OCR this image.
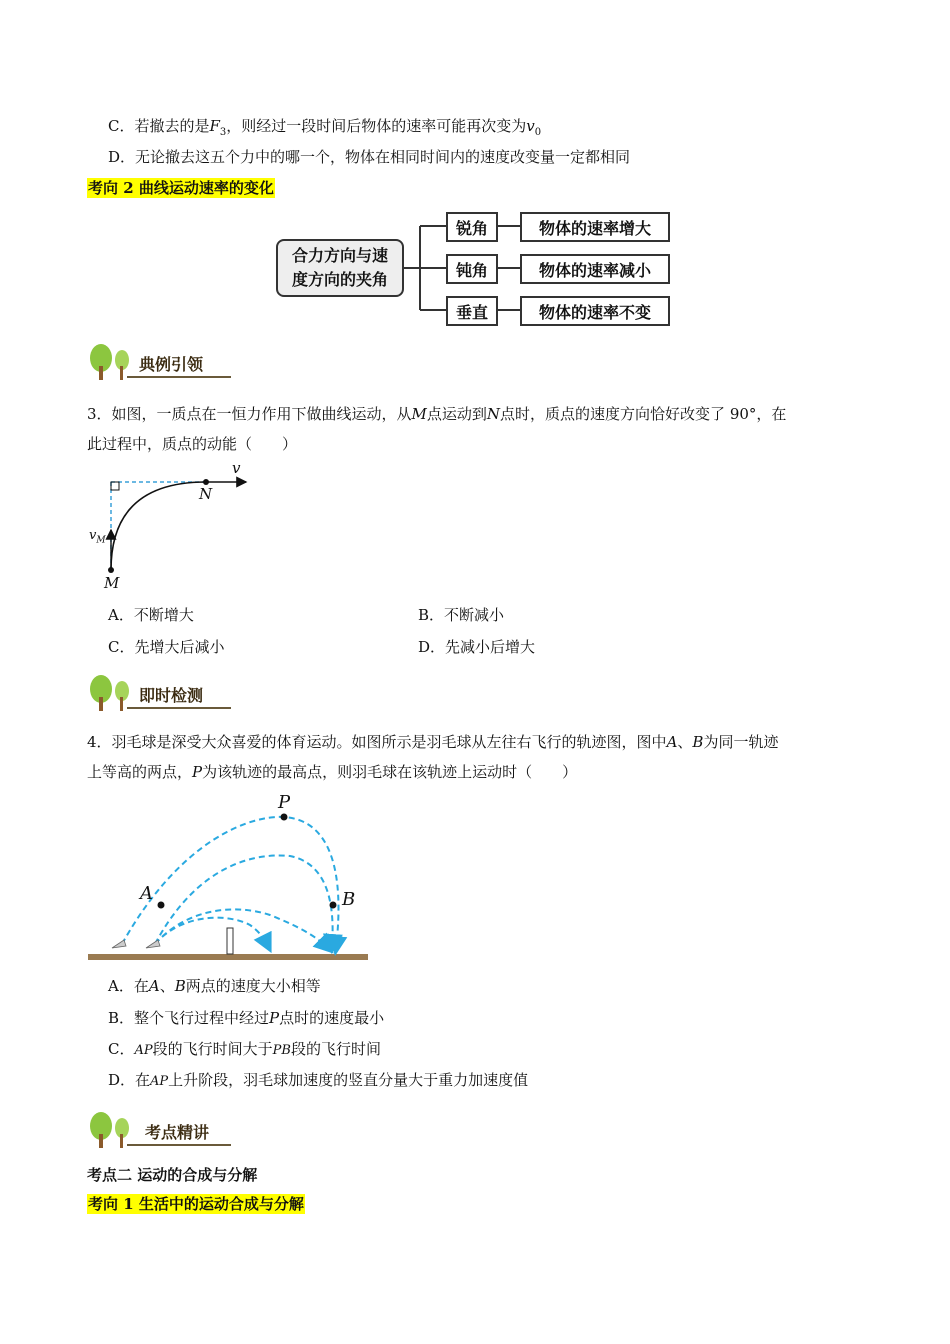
C．若撤去的是$F_3$，则经过一段时间后物体的速率可能再次变为$v_0$
D．无论撤去这五个力中的哪一个，物体在相同时间内的速度改变量一定都相同
考向 2 曲线运动速率的变化
合力方向与速
度方向的夹角
锐角
钝角
垂直
物体的速率增大
物体的速率减小
物体的速率不变
典例引领
3．如图，一质点在一恒力作用下做曲线运动，从M点运动到N点时，质点的速度方向恰好改变了 90°，在
此过程中，质点的动能（　　）
v
N
$v_M$
M
A．不断增大	B．不断减小
C．先增大后减小	D．先减小后增大
即时检测
4．羽毛球是深受大众喜爱的体育运动。如图所示是羽毛球从左往右飞行的轨迹图，图中A、B为同一轨迹
上等高的两点，P为该轨迹的最高点，则羽毛球在该轨迹上运动时（　　）
P
A	B
A．在A、B两点的速度大小相等
B．整个飞行过程中经过P点时的速度最小
C．AP段的飞行时间大于PB段的飞行时间
D．在AP上升阶段，羽毛球加速度的竖直分量大于重力加速度值
考点精讲
考点二 运动的合成与分解
考向 1 生活中的运动合成与分解
